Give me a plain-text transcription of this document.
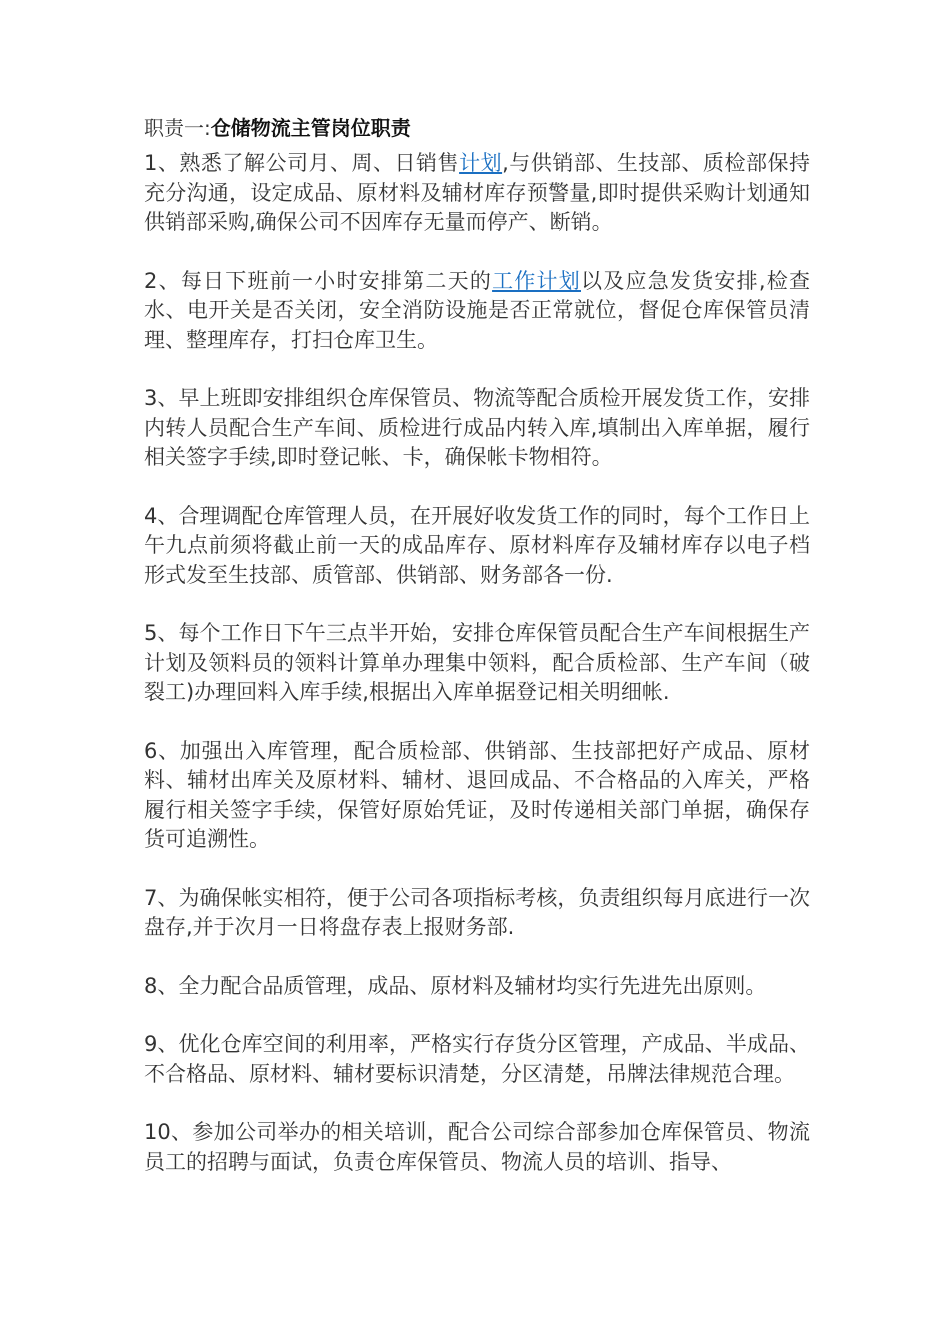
职责一:仓储物流主管岗位职责
1、熟悉了解公司月、周、日销售计划,与供销部、生技部、质检部保持充分沟通，设定成品、原材料及辅材库存预警量,即时提供采购计划通知供销部采购,确保公司不因库存无量而停产、断销。
2、每日下班前一小时安排第二天的工作计划以及应急发货安排,检查水、电开关是否关闭，安全消防设施是否正常就位，督促仓库保管员清理、整理库存，打扫仓库卫生。
3、早上班即安排组织仓库保管员、物流等配合质检开展发货工作，安排内转人员配合生产车间、质检进行成品内转入库,填制出入库单据，履行相关签字手续,即时登记帐、卡，确保帐卡物相符。
4、合理调配仓库管理人员，在开展好收发货工作的同时，每个工作日上午九点前须将截止前一天的成品库存、原材料库存及辅材库存以电子档形式发至生技部、质管部、供销部、财务部各一份.
5、每个工作日下午三点半开始，安排仓库保管员配合生产车间根据生产计划及领料员的领料计算单办理集中领料，配合质检部、生产车间（破裂工)办理回料入库手续,根据出入库单据登记相关明细帐.
6、加强出入库管理，配合质检部、供销部、生技部把好产成品、原材料、辅材出库关及原材料、辅材、退回成品、不合格品的入库关，严格履行相关签字手续，保管好原始凭证，及时传递相关部门单据，确保存货可追溯性。
7、为确保帐实相符，便于公司各项指标考核，负责组织每月底进行一次盘存,并于次月一日将盘存表上报财务部.
8、全力配合品质管理，成品、原材料及辅材均实行先进先出原则。
9、优化仓库空间的利用率，严格实行存货分区管理，产成品、半成品、不合格品、原材料、辅材要标识清楚，分区清楚，吊牌法律规范合理。
10、参加公司举办的相关培训，配合公司综合部参加仓库保管员、物流员工的招聘与面试，负责仓库保管员、物流人员的培训、指导、
